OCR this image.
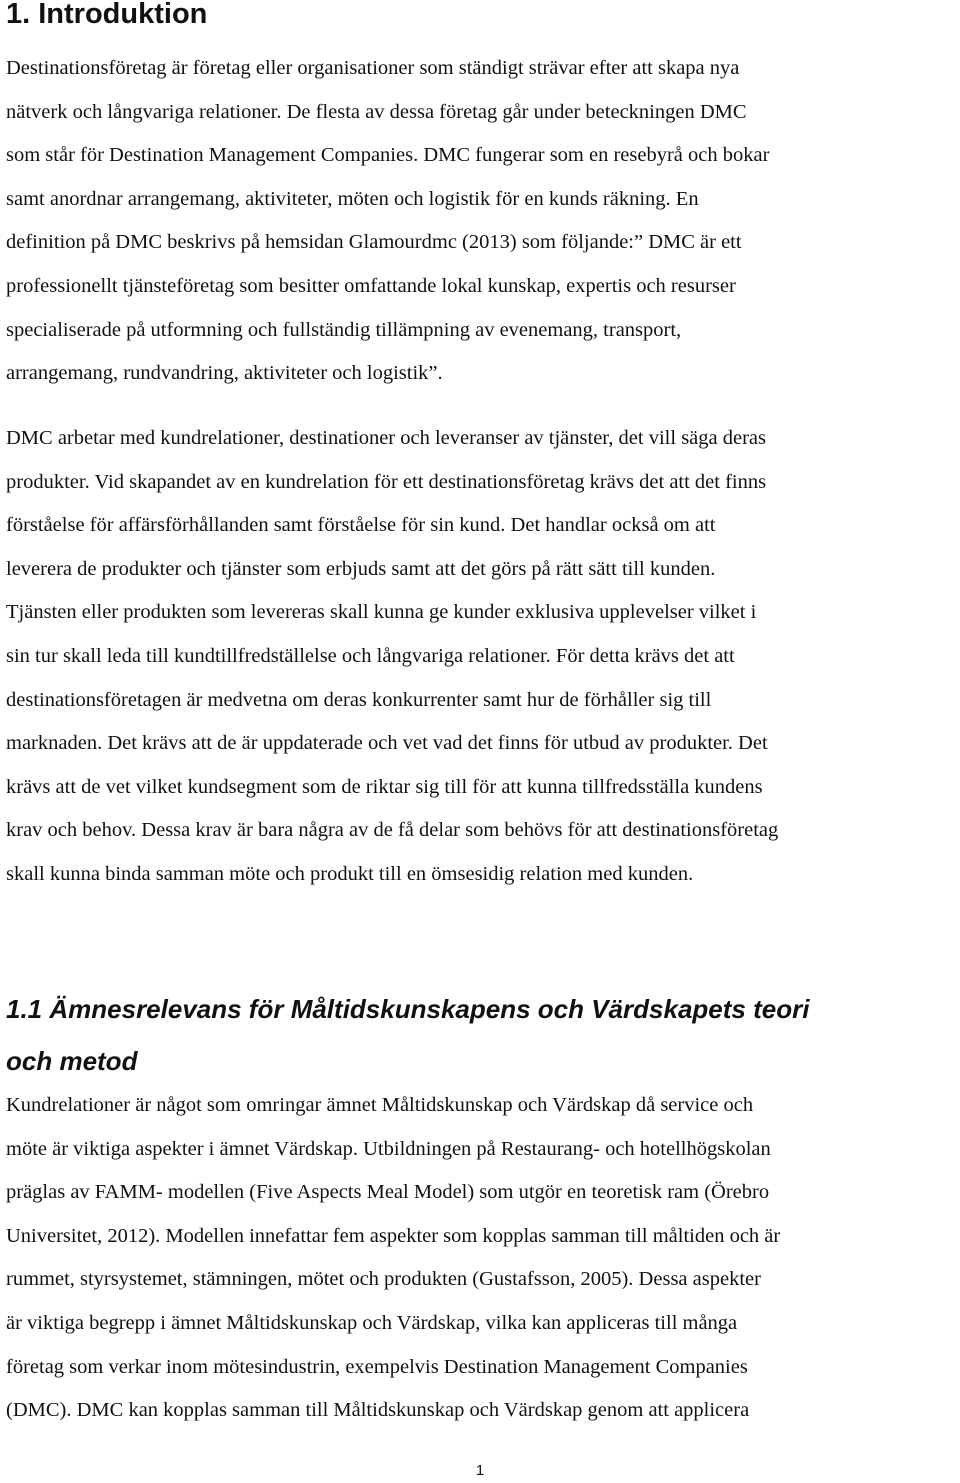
1. Introduktion

Destinationsföretag är företag eller organisationer som ständigt strävar efter att skapa nya
nätverk och långvariga relationer. De flesta av dessa företag går under beteckningen DMC
som står för Destination Management Companies. DMC fungerar som en resebyrå och bokar
samt anordnar arrangemang, aktiviteter, möten och logistik för en kunds räkning. En
definition på DMC beskrivs på hemsidan Glamourdmc (2013) som följande:” DMC är ett
professionellt tjänsteföretag som besitter omfattande lokal kunskap, expertis och resurser
specialiserade på utformning och fullständig tillämpning av evenemang, transport,
arrangemang, rundvandring, aktiviteter och logistik”.

DMC arbetar med kundrelationer, destinationer och leveranser av tjänster, det vill säga deras
produkter. Vid skapandet av en kundrelation för ett destinationsföretag krävs det att det finns
förståelse för affärsförhållanden samt förståelse för sin kund. Det handlar också om att
leverera de produkter och tjänster som erbjuds samt att det görs på rätt sätt till kunden.
Tjänsten eller produkten som levereras skall kunna ge kunder exklusiva upplevelser vilket i
sin tur skall leda till kundtillfredställelse och långvariga relationer. För detta krävs det att
destinationsföretagen är medvetna om deras konkurrenter samt hur de förhåller sig till
marknaden. Det krävs att de är uppdaterade och vet vad det finns för utbud av produkter. Det
krävs att de vet vilket kundsegment som de riktar sig till för att kunna tillfredsställa kundens
krav och behov. Dessa krav är bara några av de få delar som behövs för att destinationsföretag
skall kunna binda samman möte och produkt till en ömsesidig relation med kunden.

1.1 Ämnesrelevans för Måltidskunskapens och Värdskapets teori
och metod

Kundrelationer är något som omringar ämnet Måltidskunskap och Värdskap då service och
möte är viktiga aspekter i ämnet Värdskap. Utbildningen på Restaurang- och hotellhögskolan
präglas av FAMM- modellen (Five Aspects Meal Model) som utgör en teoretisk ram (Örebro
Universitet, 2012). Modellen innefattar fem aspekter som kopplas samman till måltiden och är
rummet, styrsystemet, stämningen, mötet och produkten (Gustafsson, 2005). Dessa aspekter
är viktiga begrepp i ämnet Måltidskunskap och Värdskap, vilka kan appliceras till många
företag som verkar inom mötesindustrin, exempelvis Destination Management Companies
(DMC). DMC kan kopplas samman till Måltidskunskap och Värdskap genom att applicera

1
